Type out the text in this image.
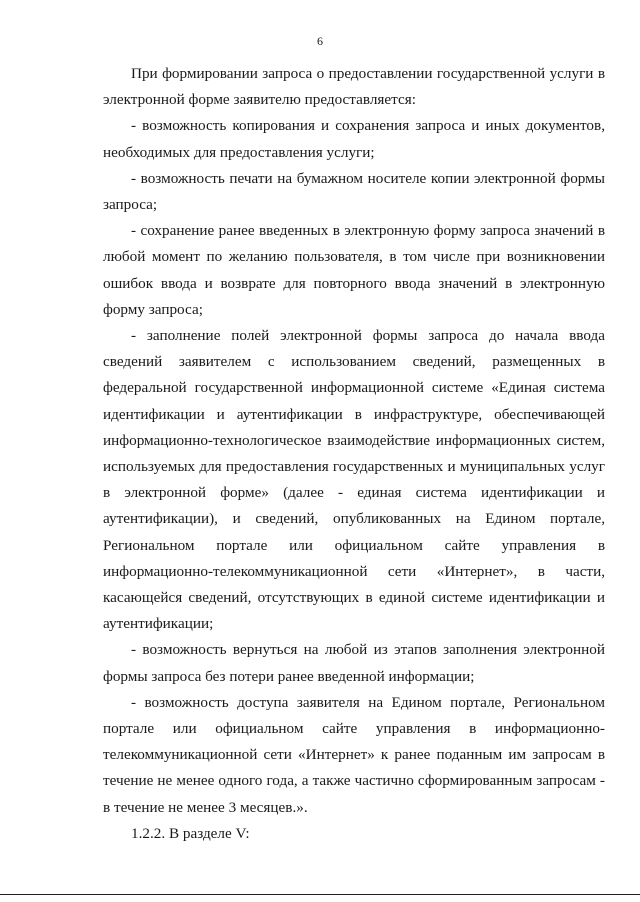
6

При формировании запроса о предоставлении государственной услуги в электронной форме заявителю предоставляется:

- возможность копирования и сохранения запроса и иных документов, необходимых для предоставления услуги;

- возможность печати на бумажном носителе копии электронной формы запроса;

- сохранение ранее введенных в электронную форму запроса значений в любой момент по желанию пользователя, в том числе при возникновении ошибок ввода и возврате для повторного ввода значений в электронную форму запроса;

- заполнение полей электронной формы запроса до начала ввода сведений заявителем с использованием сведений, размещенных в федеральной государственной информационной системе «Единая система идентификации и аутентификации в инфраструктуре, обеспечивающей информационно-технологическое взаимодействие информационных систем, используемых для предоставления государственных и муниципальных услуг в электронной форме» (далее - единая система идентификации и аутентификации), и сведений, опубликованных на Едином портале, Региональном портале или официальном сайте управления в информационно-телекоммуникационной сети «Интернет», в части, касающейся сведений, отсутствующих в единой системе идентификации и аутентификации;

- возможность вернуться на любой из этапов заполнения электронной формы запроса без потери ранее введенной информации;

- возможность доступа заявителя на Едином портале, Региональном портале или официальном сайте управления в информационно-телекоммуникационной сети «Интернет» к ранее поданным им запросам в течение не менее одного года, а также частично сформированным запросам - в течение не менее 3 месяцев.».

1.2.2. В разделе V:
